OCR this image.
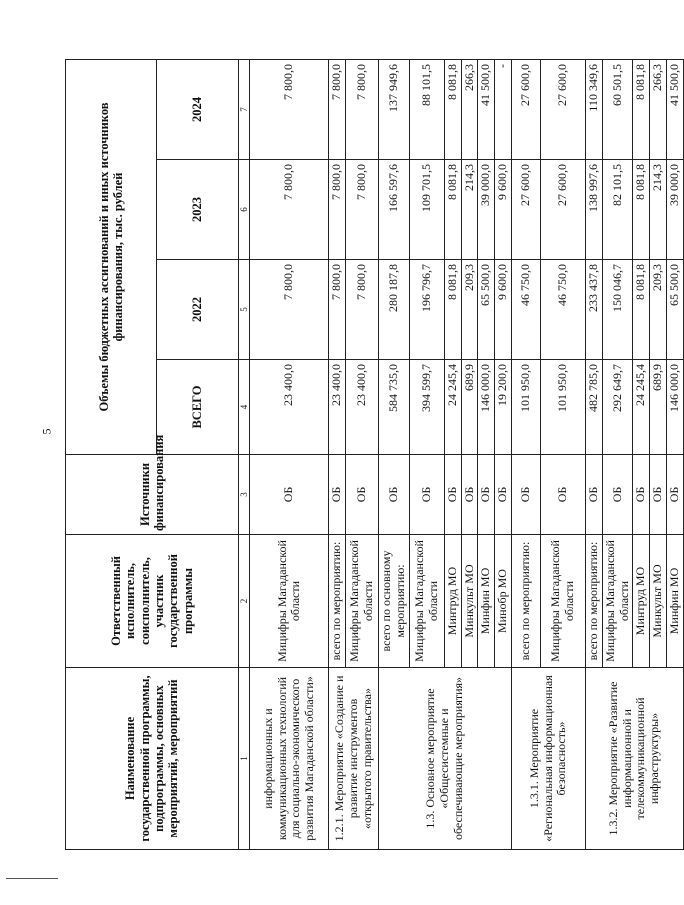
5
Наименование государственной программы, подпрограммы, основных мероприятий, мероприятий	Ответственный исполнитель, соисполнитель, участник государственной программы	Источники финансирования	Объемы бюджетных ассигнований и иных источников финансирования, тыс. рублей			
			ВСЕГО	2022	2023	2024
1	2	3	4	5	6	7
информационных и коммуникационных технологий для социально-экономического развития Магаданской области»	Мицифры Магаданской области	ОБ	23 400,0	7 800,0	7 800,0	7 800,0
1.2.1. Мероприятие «Создание и развитие инструментов «открытого правительства»	всего по мероприятию:	ОБ	23 400,0	7 800,0	7 800,0	7 800,0
	Мицифры Магаданской области	ОБ	23 400,0	7 800,0	7 800,0	7 800,0
1.3. Основное мероприятие «Общесистемные и обеспечивающие мероприятия»	всего по основному мероприятию:	ОБ	584 735,0	280 187,8	166 597,6	137 949,6
	Мицифры Магаданской области	ОБ	394 599,7	196 796,7	109 701,5	88 101,5
	Минтруд МО	ОБ	24 245,4	8 081,8	8 081,8	8 081,8
	Минкульт МО	ОБ	689,9	209,3	214,3	266,3
	Минфин МО	ОБ	146 000,0	65 500,0	39 000,0	41 500,0
	Минобр МО	ОБ	19 200,0	9 600,0	9 600,0	-
1.3.1. Мероприятие «Региональная информационная безопасность»	всего по мероприятию:	ОБ	101 950,0	46 750,0	27 600,0	27 600,0
	Мицифры Магаданской области	ОБ	101 950,0	46 750,0	27 600,0	27 600,0
1.3.2. Мероприятие «Развитие информационной и телекоммуникационной инфраструктуры»	всего по мероприятию:	ОБ	482 785,0	233 437,8	138 997,6	110 349,6
	Мицифры Магаданской области	ОБ	292 649,7	150 046,7	82 101,5	60 501,5
	Минтруд МО	ОБ	24 245,4	8 081,8	8 081,8	8 081,8
	Минкульт МО	ОБ	689,9	209,3	214,3	266,3
	Минфин МО	ОБ	146 000,0	65 500,0	39 000,0	41 500,0
